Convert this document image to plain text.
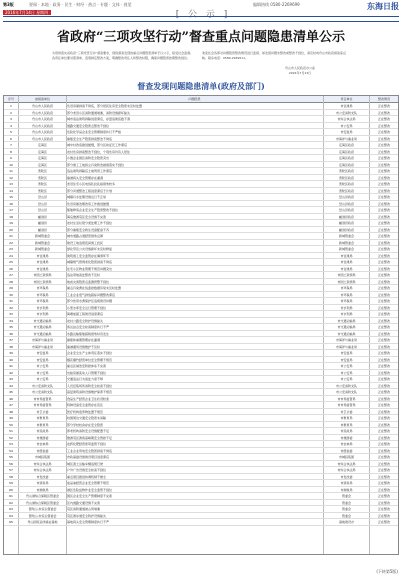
第3版	要闻 · 本地 · 政务 · 民生 · 财经 · 热点 · 专题 · 文体 · 视觉	编辑热线 0580-2269699	东海日报
2016年7月14日 星期四	[ 公 示 ]
省政府“三项攻坚行动”督查重点问题隐患清单公示
为贯彻落实省政府“三项攻坚行动”督查要求，现将督查发现的重点问题隐患清单予以公示，接受社会监督。各责任单位要对照清单，逐项制定整改方案，明确整改责任人和整改时限，确保问题隐患按期整改到位。
欢迎社会各界对问题隐患整改情况进行监督，如发现问题未整改或整改不到位，请及时向舟山市政府督查室反映。联系电话：0580-2269511。
舟山市人民政府办公室
2016年7月13日
督查发现问题隐患清单(政府及部门)
序号	被督查单位	问题隐患	责任单位	整改情况
1	舟山市人民政府	危旧房屋排查不彻底，部分居民住房安全隐患未及时处置	市住建局	正在整改
2	舟山市人民政府	部分老旧小区消防通道堵塞，消防设施损坏缺失	市公安消防支队	正在整改
3	舟山市人民政府	城市违法建筑拆除进度滞后，存量违建底数不清	市综合执法局	正在整改
4	舟山市人民政府	道路交通安全隐患点整治不到位	市公安局	正在整改
5	舟山市人民政府	危险化学品企业安全管理制度执行不严格	市安监局	正在整改
6	舟山市人民政府	渔船安全生产隐患排查整治不彻底	市海洋与渔业局	正在整改
7	定海区	城中村改造推进缓慢，部分区块征迁工作滞后	定海区政府	正在整改
8	定海区	农村危房排查整治不到位，个别危房仍有人居住	定海区政府	正在整改
9	定海区	小微企业园区消防安全隐患突出	定海区政府	正在整改
10	定海区	部分施工工地扬尘污染防治措施落实不到位	定海区政府	正在整改
11	普陀区	违法建筑拆除后土地利用工作滞后	普陀区政府	正在整改
12	普陀区	渔港码头安全管理存在漏洞	普陀区政府	正在整改
13	普陀区	老旧住宅小区电线私拉乱接现象较多	普陀区政府	正在整改
14	普陀区	部分河道整治工程进度滞后于计划	普陀区政府	正在整改
15	岱山县	城镇污水处理设施运行不正常	岱山县政府	正在整改
16	岱山县	危旧房屋治理改造工作推进缓慢	岱山县政府	正在整改
17	岱山县	船舶修造企业安全生产隐患整改不到位	岱山县政府	正在整改
18	嵊泗县	海岛旅游景区安全设施不完善	嵊泗县政府	正在整改
19	嵊泗县	农村生活垃圾分类处理工作不到位	嵊泗县政府	正在整改
20	嵊泗县	部分渔船安全救生设备配备不齐	嵊泗县政府	正在整改
21	新城管委会	城市道路占道经营现象反弹	新城管委会	正在整改
22	新城管委会	建设工地违规夜间施工扰民	新城管委会	正在整改
23	新城管委会	绿化带及公共设施损坏未及时修复	新城管委会	正在整改
24	市住建局	建筑施工安全监管存在薄弱环节	市住建局	正在整改
25	市住建局	城镇燃气管网老化隐患排查不彻底	市住建局	正在整改
26	市住建局	住宅小区物业管理不规范问题突出	市住建局	正在整改
27	市国土资源局	违法用地查处整改不及时	市国土资源局	正在整改
28	市国土资源局	地质灾害隐患点监测预警不到位	市国土资源局	正在整改
29	市环保局	重点污染源在线监控数据异常未及时处置	市环保局	正在整改
30	市环保局	工业企业废气排放超标问题整改滞后	市环保局	正在整改
31	市环保局	部分饮用水源保护区违规建设问题	市环保局	正在整改
32	市水利局	小型水库安全运行管理不到位	市水利局	正在整改
33	市水利局	海塘加固工程建设进度滞后	市水利局	正在整改
34	市交通运输局	农村公路安全防护设施缺失	市交通运输局	正在整改
35	市交通运输局	客运站点安全检查制度执行不严	市交通运输局	正在整改
36	市交通运输局	水路运输船舶超载现象时有发生	市交通运输局	正在整改
37	市海洋与渔业局	渔船休渔期管理存在漏洞	市海洋与渔业局	正在整改
38	市海洋与渔业局	渔港避风设施维护不及时	市海洋与渔业局	正在整改
39	市安监局	企业安全生产主体责任落实不到位	市安监局	正在整改
40	市安监局	烟花爆竹经营单位安全管理不规范	市安监局	正在整改
41	市公安局	重点区域治安防控体系不完善	市公安局	正在整改
42	市公安局	出租房屋流动人口管理不到位	市公安局	正在整改
43	市公安局	交通违法行为查处力度不够	市公安局	正在整改
44	市公安消防支队	人员密集场所消防安全检查不到位	市公安消防支队	正在整改
45	市公安消防支队	高层建筑消防设施维护保养不规范	市公安消防支队	正在整改
46	市市场监管局	食品生产经营企业卫生状况较差	市市场监管局	正在整改
47	市市场监管局	特种设备安全监管存在盲区	市市场监管局	正在整改
48	市卫计委	医疗机构废弃物处置不规范	市卫计委	正在整改
49	市教育局	校园周边交通安全隐患未消除	市教育局	正在整改
50	市教育局	部分学校校舍存在安全隐患	市教育局	正在整改
51	市民政局	养老机构消防安全设施配置不足	市民政局	正在整改
52	市旅游委	旅游景区游客高峰期安全管控不足	市旅游委	正在整改
53	市农林局	农药化肥经营使用监管不到位	市农林局	正在整改
54	市经信委	工业企业用电安全隐患排查不彻底	市经信委	正在整改
55	市城投集团	市政基础设施建设项目进度滞后	市城投集团	正在整改
56	市综合执法局	城区渣土运输车辆违规行驶	市综合执法局	正在整改
57	市综合执法局	户外广告设施安全检查不到位	市综合执法局	正在整改
58	市发改委	重点项目推进协调机制不健全	市发改委	正在整改
59	市商务局	成品油经营企业安全管理不规范	市商务局	正在整改
60	市港航局	港区危险货物作业安全监管不到位	市港航局	正在整改
61	舟山港综合保税区管委会	园区企业安全生产管理制度不完善	管委会	正在整改
62	舟山港综合保税区管委会	区内道路交通设施不完善	管委会	正在整改
63	普陀山-朱家尖管委会	景区消防通道被占用堵塞	管委会	正在整改
64	普陀山-朱家尖管委会	景区游步道安全防护设施缺失	管委会	正在整改
65	舟山国家远洋渔业基地	基地码头安全管理制度执行不严	基地建设办	正在整改
(下转第5版)
